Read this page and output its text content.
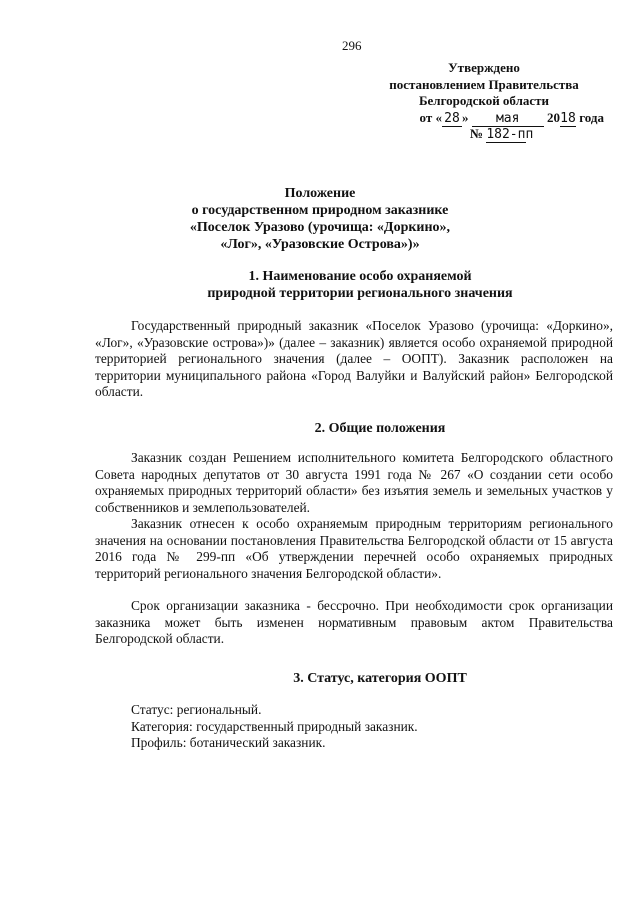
296
Утверждено
постановлением Правительства
Белгородской области
от « 28 » мая 2018 года
№ 182-пп
Положение
о государственном природном заказнике
«Поселок Уразово (урочища: «Доркино»,
«Лог», «Уразовские Острова»)»
1. Наименование особо охраняемой
природной территории регионального значения
Государственный природный заказник «Поселок Уразово (урочища: «Доркино», «Лог», «Уразовские острова»)» (далее – заказник) является особо охраняемой природной территорией регионального значения (далее – ООПТ). Заказник расположен на территории муниципального района «Город Валуйки и Валуйский район» Белгородской области.
2. Общие положения
Заказник создан Решением исполнительного комитета Белгородского областного Совета народных депутатов от 30 августа 1991 года № 267 «О создании сети особо охраняемых природных территорий области» без изъятия земель и земельных участков у собственников и землепользователей.
Заказник отнесен к особо охраняемым природным территориям регионального значения на основании постановления Правительства Белгородской области от 15 августа 2016 года № 299-пп «Об утверждении перечней особо охраняемых природных территорий регионального значения Белгородской области».
Срок организации заказника - бессрочно. При необходимости срок организации заказника может быть изменен нормативным правовым актом Правительства Белгородской области.
3. Статус, категория ООПТ
Статус: региональный.
Категория: государственный природный заказник.
Профиль: ботанический заказник.
